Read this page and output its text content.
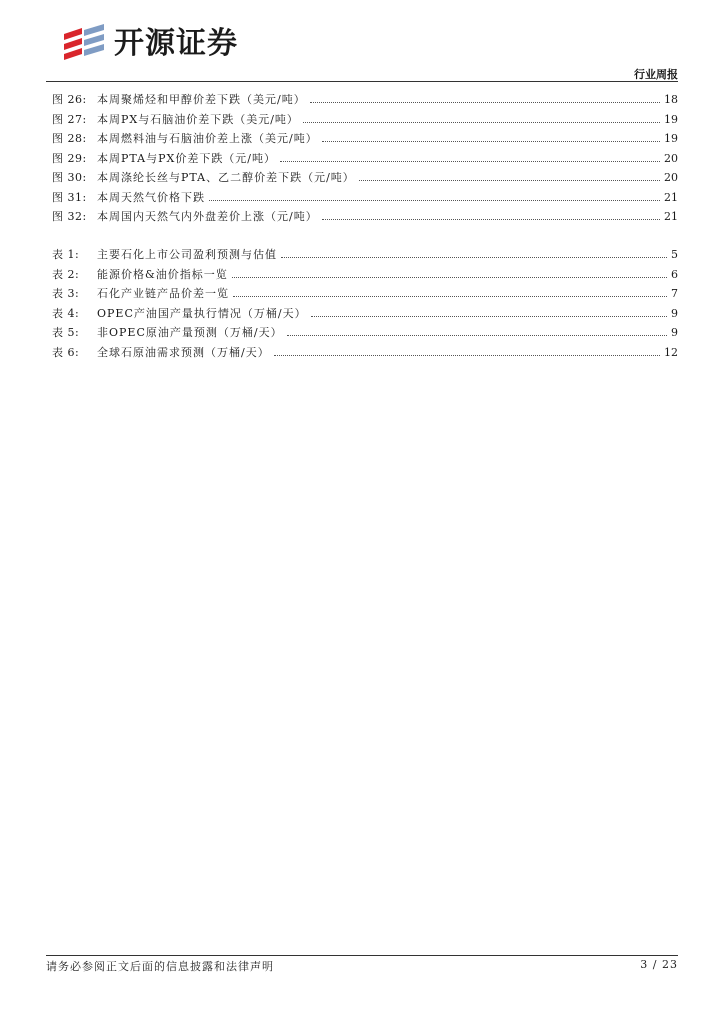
开源证券
行业周报
图 26: 本周聚烯烃和甲醇价差下跌（美元/吨）	18
图 27: 本周PX与石脑油价差下跌（美元/吨）	19
图 28: 本周燃料油与石脑油价差上涨（美元/吨）	19
图 29: 本周PTA与PX价差下跌（元/吨）	20
图 30: 本周涤纶长丝与PTA、乙二醇价差下跌（元/吨）	20
图 31: 本周天然气价格下跌	21
图 32: 本周国内天然气内外盘差价上涨（元/吨）	21
表 1:	主要石化上市公司盈利预测与估值	5
表 2:	能源价格&油价指标一览	6
表 3:	石化产业链产品价差一览	7
表 4:	OPEC产油国产量执行情况（万桶/天）	9
表 5:	非OPEC原油产量预测（万桶/天）	9
表 6:	全球石原油需求预测（万桶/天）	12
请务必参阅正文后面的信息披露和法律声明	3 / 23
